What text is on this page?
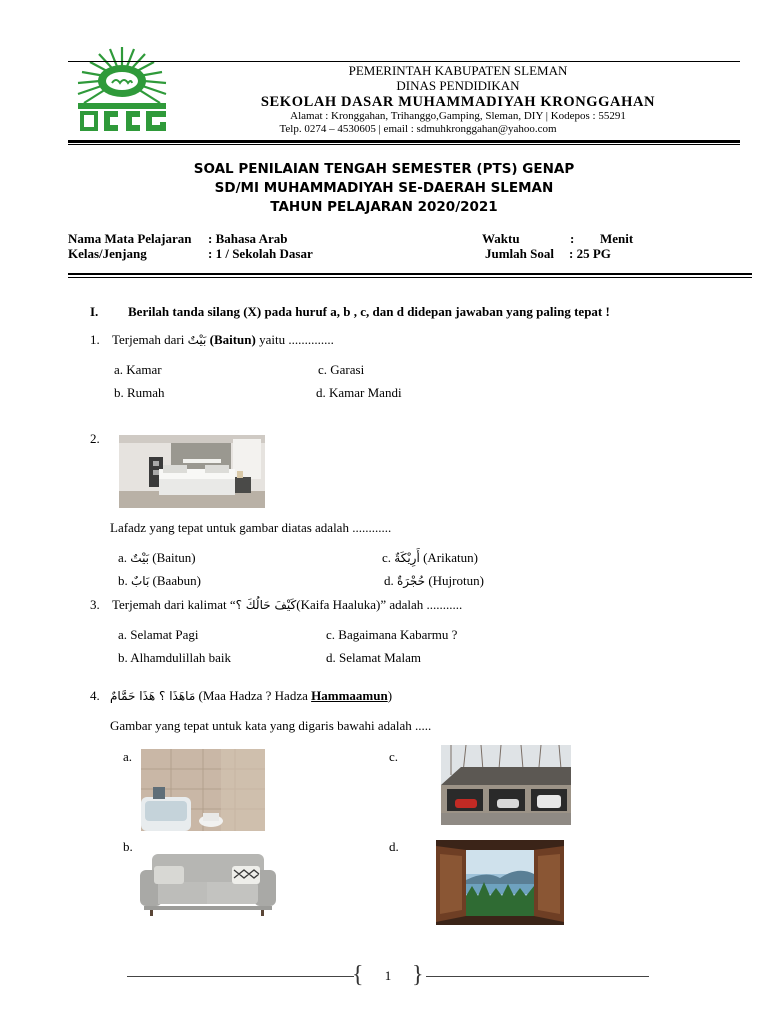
PEMERINTAH KABUPATEN SLEMAN
DINAS PENDIDIKAN
SEKOLAH DASAR MUHAMMADIYAH KRONGGAHAN
Alamat : Kronggahan, Trihanggo,Gamping, Sleman, DIY | Kodepos : 55291
Telp. 0274 – 4530605 | email : sdmuhkronggahan@yahoo.com
SOAL PENILAIAN TENGAH SEMESTER (PTS) GENAP
SD/MI MUHAMMADIYAH SE-DAERAH SLEMAN
TAHUN PELAJARAN 2020/2021
Nama Mata Pelajaran : Bahasa Arab
Kelas/Jenjang	: 1 / Sekolah Dasar
Waktu	: Menit
Jumlah Soal : 25 PG
I. Berilah tanda silang (X) pada huruf a, b , c, dan d didepan jawaban yang paling tepat !
1. Terjemah dari بَيْتٌ (Baitun) yaitu ..............
a. Kamar
b. Rumah
c. Garasi
d. Kamar Mandi
2.
Lafadz yang tepat untuk gambar diatas adalah ............
a. بَيْتٌ (Baitun)
b. بَابٌ (Baabun)
c. أَرِيْكَةٌ (Arikatun)
d. حُجْرَةٌ (Hujrotun)
3. Terjemah dari kalimat “كَيْفَ حَالُكَ ؟(Kaifa Haaluka)” adalah ...........
a. Selamat Pagi
b. Alhamdulillah baik
c. Bagaimana Kabarmu ?
d. Selamat Malam
4. مَاهَذَا ؟ هَذَا حَمَّامٌ (Maa Hadza ? Hadza Hammaamun)
Gambar yang tepat untuk kata yang digaris bawahi adalah .....
a.
b.
c.
d.
{ 1 }
